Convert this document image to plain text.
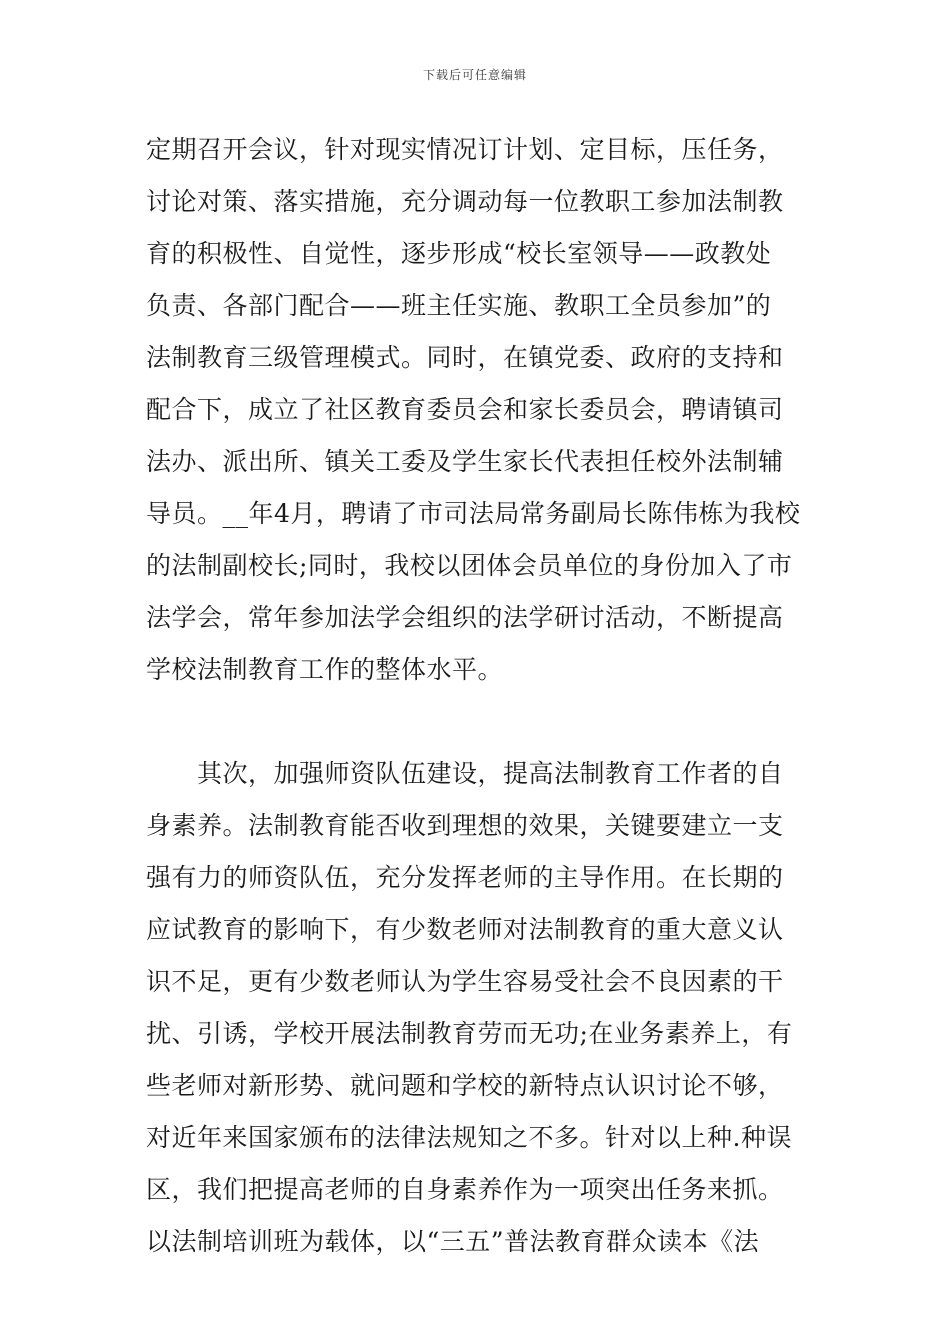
下载后可任意编辑
定期召开会议，针对现实情况订计划、定目标，压任务，
讨论对策、落实措施，充分调动每一位教职工参加法制教
育的积极性、自觉性，逐步形成“校长室领导——政教处
负责、各部门配合——班主任实施、教职工全员参加”的
法制教育三级管理模式。同时，在镇党委、政府的支持和
配合下，成立了社区教育委员会和家长委员会，聘请镇司
法办、派出所、镇关工委及学生家长代表担任校外法制辅
导员。__年4月，聘请了市司法局常务副局长陈伟栋为我校
的法制副校长;同时，我校以团体会员单位的身份加入了市
法学会，常年参加法学会组织的法学研讨活动，不断提高
学校法制教育工作的整体水平。
　　其次，加强师资队伍建设，提高法制教育工作者的自
身素养。法制教育能否收到理想的效果，关键要建立一支
强有力的师资队伍，充分发挥老师的主导作用。在长期的
应试教育的影响下，有少数老师对法制教育的重大意义认
识不足，更有少数老师认为学生容易受社会不良因素的干
扰、引诱，学校开展法制教育劳而无功;在业务素养上，有
些老师对新形势、就问题和学校的新特点认识讨论不够，
对近年来国家颁布的法律法规知之不多。针对以上种.种误
区，我们把提高老师的自身素养作为一项突出任务来抓。
以法制培训班为载体，以“三五”普法教育群众读本《法
